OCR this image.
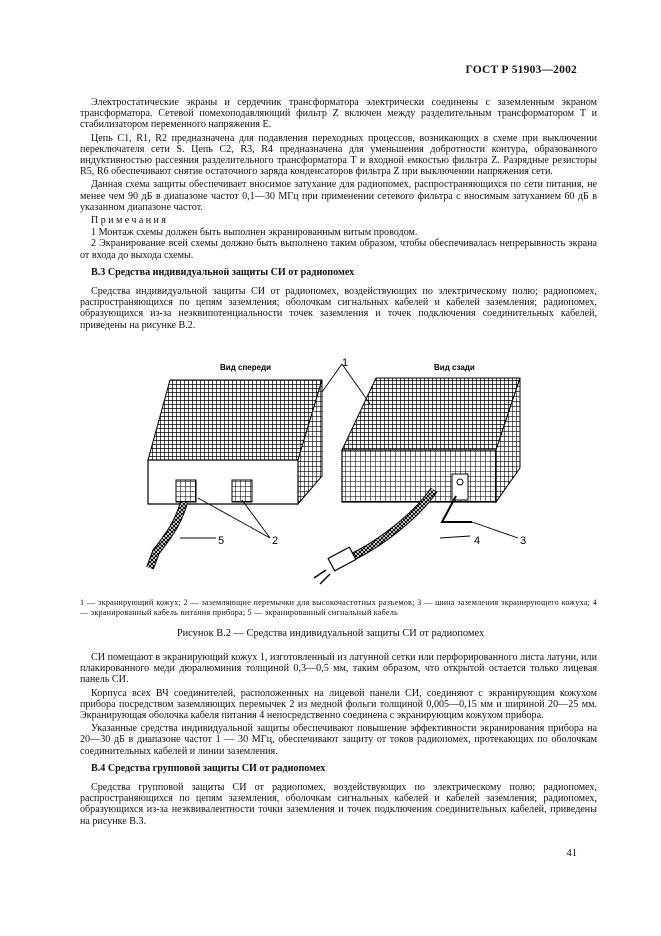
ГОСТ Р 51903—2002

Электростатические экраны и сердечник трансформатора электрически соединены с заземленным экраном трансформатора. Сетевой помехоподавляющий фильтр Z включен между разделительным трансформатором T и стабилизатором переменного напряжения E.

Цепь C1, R1, R2 предназначена для подавления переходных процессов, возникающих в схеме при выключении переключателя сети S. Цепь C2, R3, R4 предназначена для уменьшения добротности контура, образованного индуктивностью рассеяния разделительного трансформатора T и входной емкостью фильтра Z. Разрядные резисторы R5, R6 обеспечивают снятие остаточного заряда конденсаторов фильтра Z при выключении напряжения сети.

Данная схема защиты обеспечивает вносимое затухание для радиопомех, распространяющихся по сети питания, не менее чем 90 дБ в диапазоне частот 0,1—30 МГц при применении сетевого фильтра с вносимым затуханием 60 дБ в указанном диапазоне частот.

Примечания

1 Монтаж схемы должен быть выполнен экранированным витым проводом.

2 Экранирование всей схемы должно быть выполнено таким образом, чтобы обеспечивалась непрерывность экрана от входа до выхода схемы.

В.3 Средства индивидуальной защиты СИ от радиопомех

Средства индивидуальной защиты СИ от радиопомех, воздействующих по электрическому полю; радиопомех, распространяющихся по цепям заземления; оболочкам сигнальных кабелей и кабелей заземления; радиопомех, образующихся из-за неэквипотенциальности точек заземления и точек подключения соединительных кабелей, приведены на рисунке В.2.

Вид спереди	Вид сзади
1
2	3
4
5
1 — экранирующий кожух; 2 — заземляющие перемычки для высокочастотных разъемов; 3 — шина заземления экранирующего кожуха; 4 — экранированный кабель питания прибора; 5 — экранированный сигнальный кабель
Рисунок В.2 — Средства индивидуальной защиты СИ от радиопомех

СИ помещают в экранирующий кожух 1, изготовленный из латунной сетки или перфорированного листа латуни, или плакированного меди дюралюминия толщиной 0,3—0,5 мм, таким образом, что открытой остается только лицевая панель СИ.

Корпуса всех ВЧ соединителей, расположенных на лицевой панели СИ, соединяют с экранирующим кожухом прибора посредством заземляющих перемычек 2 из медной фольги толщиной 0,005—0,15 мм и шириной 20—25 мм. Экранирующая оболочка кабеля питания 4 непосредственно соединена с экранирующим кожухом прибора.

Указанные средства индивидуальной защиты обеспечивают повышение эффективности экранирования прибора на 20—30 дБ в диапазоне частот 1 — 30 МГц, обеспечивают защиту от токов радиопомех, протекающих по оболочкам соединительных кабелей и линии заземления.

В.4 Средства групповой защиты СИ от радиопомех

Средства групповой защиты СИ от радиопомех, воздействующих по электрическому полю; радиопомех, распространяющихся по цепям заземления, оболочкам сигнальных кабелей и кабелей заземления; радиопомех, образующихся из-за неэквивалентности точки заземления и точек подключения соединительных кабелей, приведены на рисунке В.3.

41
